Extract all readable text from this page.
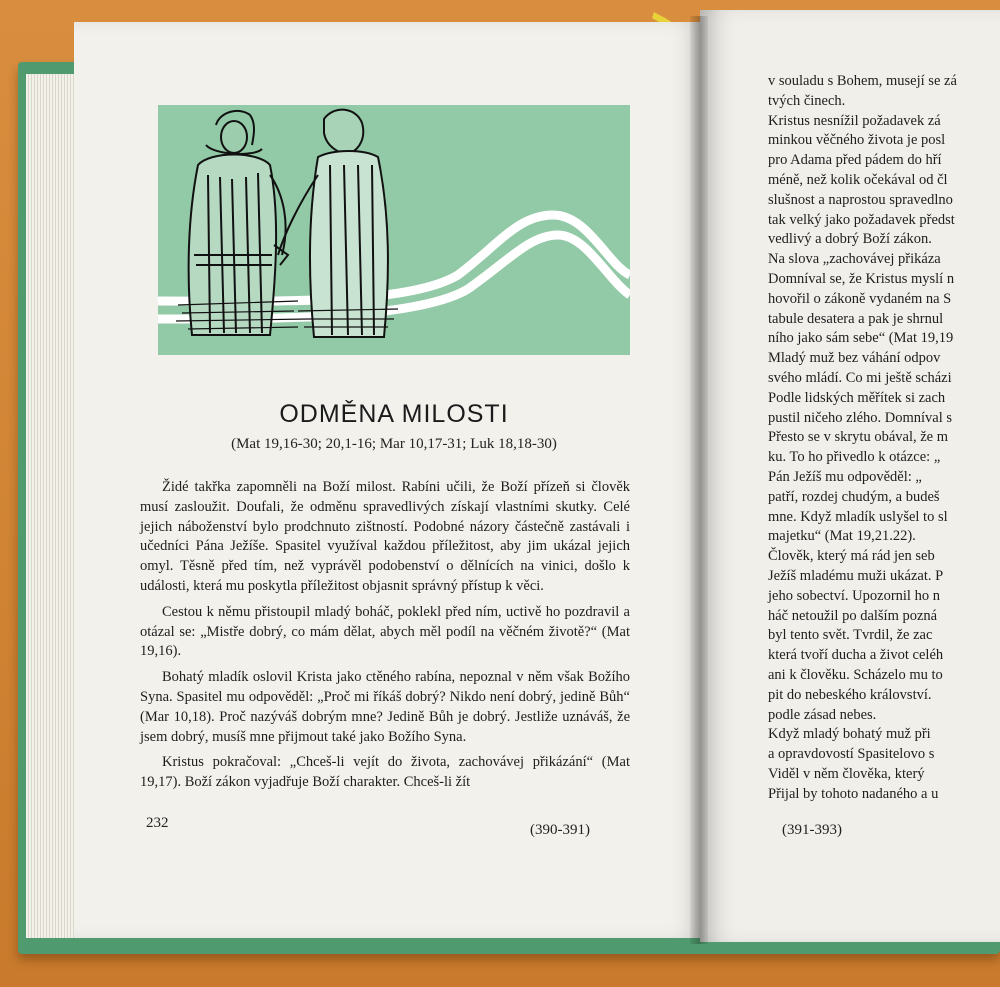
ODMĚNA MILOSTI
(Mat 19,16-30; 20,1-16; Mar 10,17-31; Luk 18,18-30)

Židé takřka zapomněli na Boží milost. Rabíni učili, že Boží přízeň si člověk musí zasloužit. Doufali, že odměnu spravedlivých získají vlastními skutky. Celé jejich náboženství bylo prodchnuto zištností. Podobné názory částečně zastávali i učedníci Pána Ježíše. Spasitel využíval každou příležitost, aby jim ukázal jejich omyl. Těsně před tím, než vyprávěl podobenství o dělnících na vinici, došlo k události, která mu poskytla příležitost objasnit správný přístup k věci.

Cestou k němu přistoupil mladý boháč, poklekl před ním, uctivě ho pozdravil a otázal se: „Mistře dobrý, co mám dělat, abych měl podíl na věčném životě?“ (Mat 19,16).

Bohatý mladík oslovil Krista jako ctěného rabína, nepoznal v něm však Božího Syna. Spasitel mu odpověděl: „Proč mi říkáš dobrý? Nikdo není dobrý, jedině Bůh“ (Mar 10,18). Proč nazýváš dobrým mne? Jedině Bůh je dobrý. Jestliže uznáváš, že jsem dobrý, musíš mne přijmout také jako Božího Syna.

Kristus pokračoval: „Chceš-li vejít do života, zachovávej přikázání“ (Mat 19,17). Boží zákon vyjadřuje Boží charakter. Chceš-li žít

232	(390-391)
v souladu s Bohem, musejí se zá
tvých činech.
Kristus nesnížil požadavek zá
minkou věčného života je posl
pro Adama před pádem do hří
méně, než kolik očekával od čl
slušnost a naprostou spravedlno
tak velký jako požadavek předst
vedlivý a dobrý Boží zákon.
Na slova „zachovávej přikáza
Domníval se, že Kristus myslí n
hovořil o zákoně vydaném na S
tabule desatera a pak je shrnul
ního jako sám sebe“ (Mat 19,19
Mladý muž bez váhání odpov
svého mládí. Co mi ještě scházi
Podle lidských měřítek si zach
pustil ničeho zlého. Domníval s
Přesto se v skrytu obával, že m
ku. To ho přivedlo k otázce: „
Pán Ježíš mu odpověděl: „
patří, rozdej chudým, a budeš
mne. Když mladík uslyšel to sl
majetku“ (Mat 19,21.22).
Člověk, který má rád jen seb
Ježíš mladému muži ukázat. P
jeho sobectví. Upozornil ho n
háč netoužil po dalším pozná
byl tento svět. Tvrdil, že zac
která tvoří ducha a život celéh
ani k člověku. Scházelo mu to
pit do nebeského království.
podle zásad nebes.
Když mladý bohatý muž při
a opravdovostí Spasitelovo s
Viděl v něm člověka, který
Přijal by tohoto nadaného a u
(391-393)
